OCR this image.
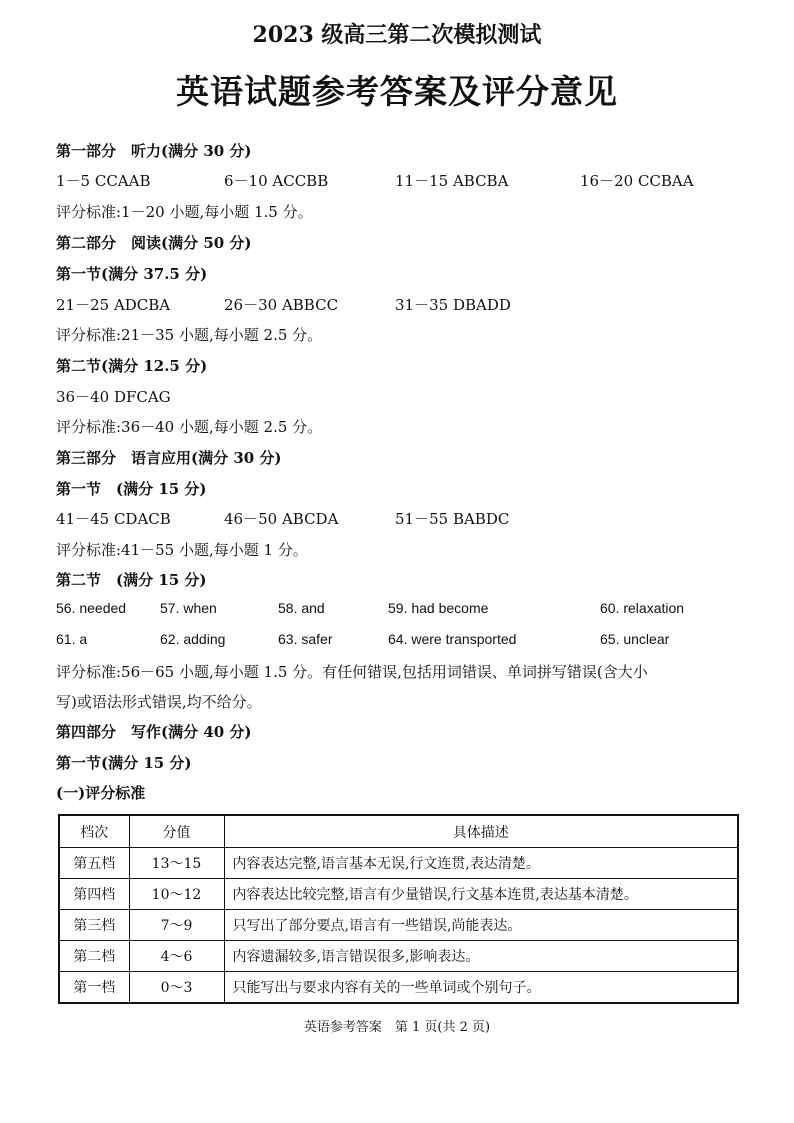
2023 级高三第二次模拟测试
英语试题参考答案及评分意见
第一部分　听力(满分 30 分)
1－5 CCAAB	6－10 ACCBB	11－15 ABCBA	16－20 CCBAA
评分标准:1－20 小题,每小题 1.5 分。
第二部分　阅读(满分 50 分)
第一节(满分 37.5 分)
21－25 ADCBA	26－30 ABBCC	31－35 DBADD
评分标准:21－35 小题,每小题 2.5 分。
第二节(满分 12.5 分)
36－40 DFCAG
评分标准:36－40 小题,每小题 2.5 分。
第三部分　语言应用(满分 30 分)
第一节　(满分 15 分)
41－45 CDACB	46－50 ABCDA	51－55 BABDC
评分标准:41－55 小题,每小题 1 分。
第二节　(满分 15 分)
56. needed 57. when	58. and	59. had become	60. relaxation
61. a	62. adding	63. safer	64. were transported	65. unclear
评分标准:56－65 小题,每小题 1.5 分。有任何错误,包括用词错误、单词拼写错误(含大小
写)或语法形式错误,均不给分。
第四部分　写作(满分 40 分)
第一节(满分 15 分)
(一)评分标准
档次	分值	具体描述
第五档	13～15	内容表达完整,语言基本无误,行文连贯,表达清楚。
第四档	10～12	内容表达比较完整,语言有少量错误,行文基本连贯,表达基本清楚。
第三档	7～9	只写出了部分要点,语言有一些错误,尚能表达。
第二档	4～6	内容遗漏较多,语言错误很多,影响表达。
第一档	0～3	只能写出与要求内容有关的一些单词或个别句子。
英语参考答案　第 1 页(共 2 页)
